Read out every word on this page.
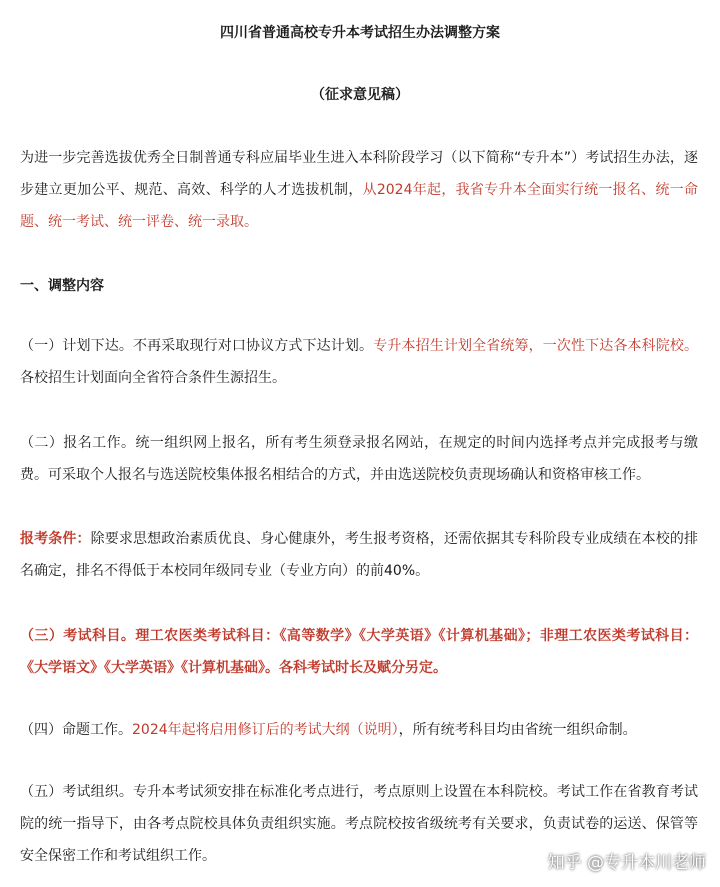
四川省普通高校专升本考试招生办法调整方案
（征求意见稿）
为进一步完善选拔优秀全日制普通专科应届毕业生进入本科阶段学习（以下简称“专升本”）考试招生办法，逐步建立更加公平、规范、高效、科学的人才选拔机制，从2024年起，我省专升本全面实行统一报名、统一命题、统一考试、统一评卷、统一录取。
一、调整内容
（一）计划下达。不再采取现行对口协议方式下达计划。专升本招生计划全省统筹，一次性下达各本科院校。各校招生计划面向全省符合条件生源招生。
（二）报名工作。统一组织网上报名，所有考生须登录报名网站，在规定的时间内选择考点并完成报考与缴费。可采取个人报名与选送院校集体报名相结合的方式，并由选送院校负责现场确认和资格审核工作。
报考条件：除要求思想政治素质优良、身心健康外，考生报考资格，还需依据其专科阶段专业成绩在本校的排名确定，排名不得低于本校同年级同专业（专业方向）的前40%。
（三）考试科目。理工农医类考试科目：《高等数学》《大学英语》《计算机基础》；非理工农医类考试科目：《大学语文》《大学英语》《计算机基础》。各科考试时长及赋分另定。
（四）命题工作。2024年起将启用修订后的考试大纲（说明），所有统考科目均由省统一组织命制。
（五）考试组织。专升本考试须安排在标准化考点进行，考点原则上设置在本科院校。考试工作在省教育考试院的统一指导下，由各考点院校具体负责组织实施。考点院校按省级统考有关要求，负责试卷的运送、保管等安全保密工作和考试组织工作。	知乎 @专升本川老师
